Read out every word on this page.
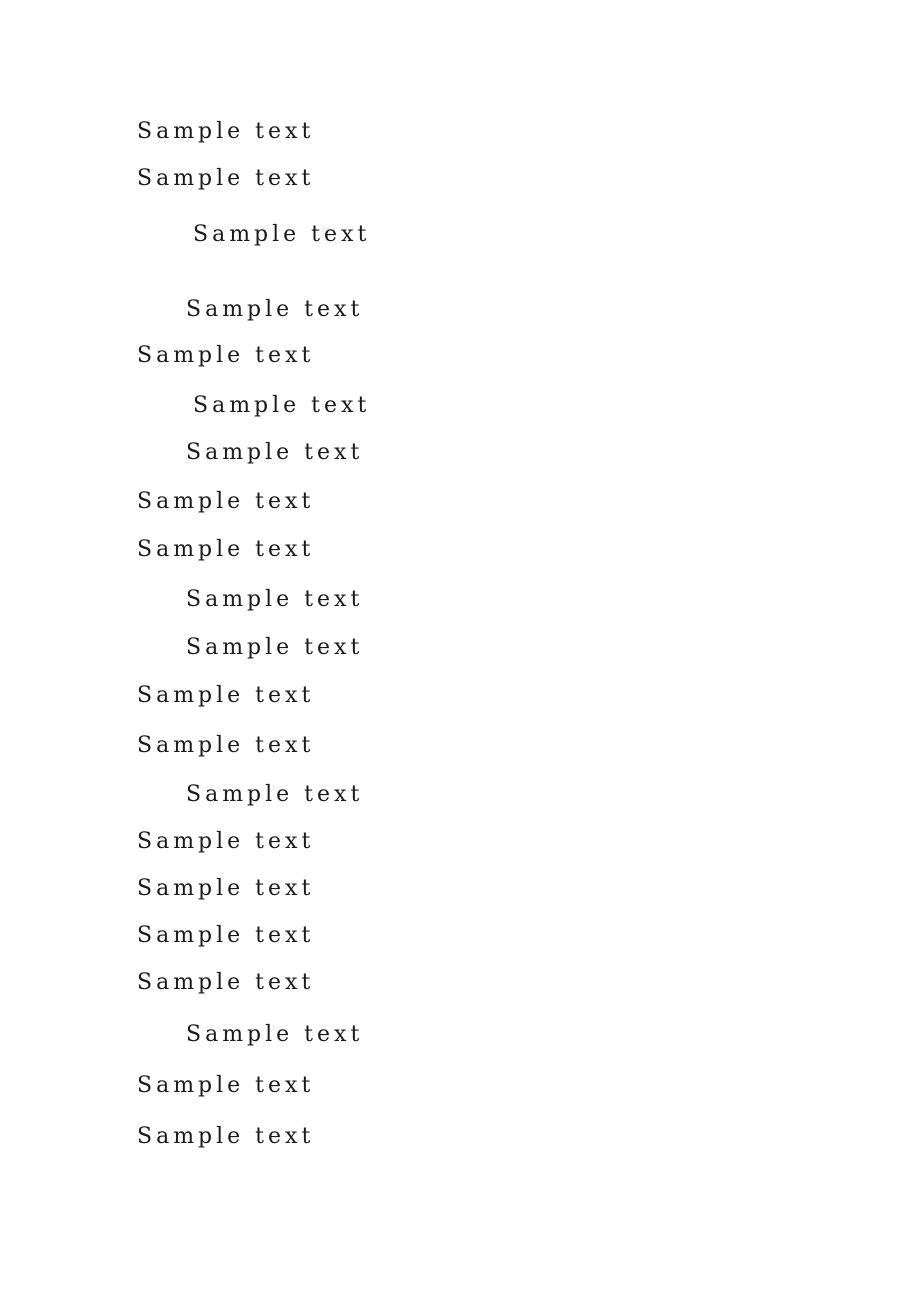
Sample text
Sample text
Sample text
Sample text
Sample text
Sample text
Sample text
Sample text
Sample text
Sample text
Sample text
Sample text
Sample text
Sample text
Sample text
Sample text
Sample text
Sample text
Sample text
Sample text
Sample text
